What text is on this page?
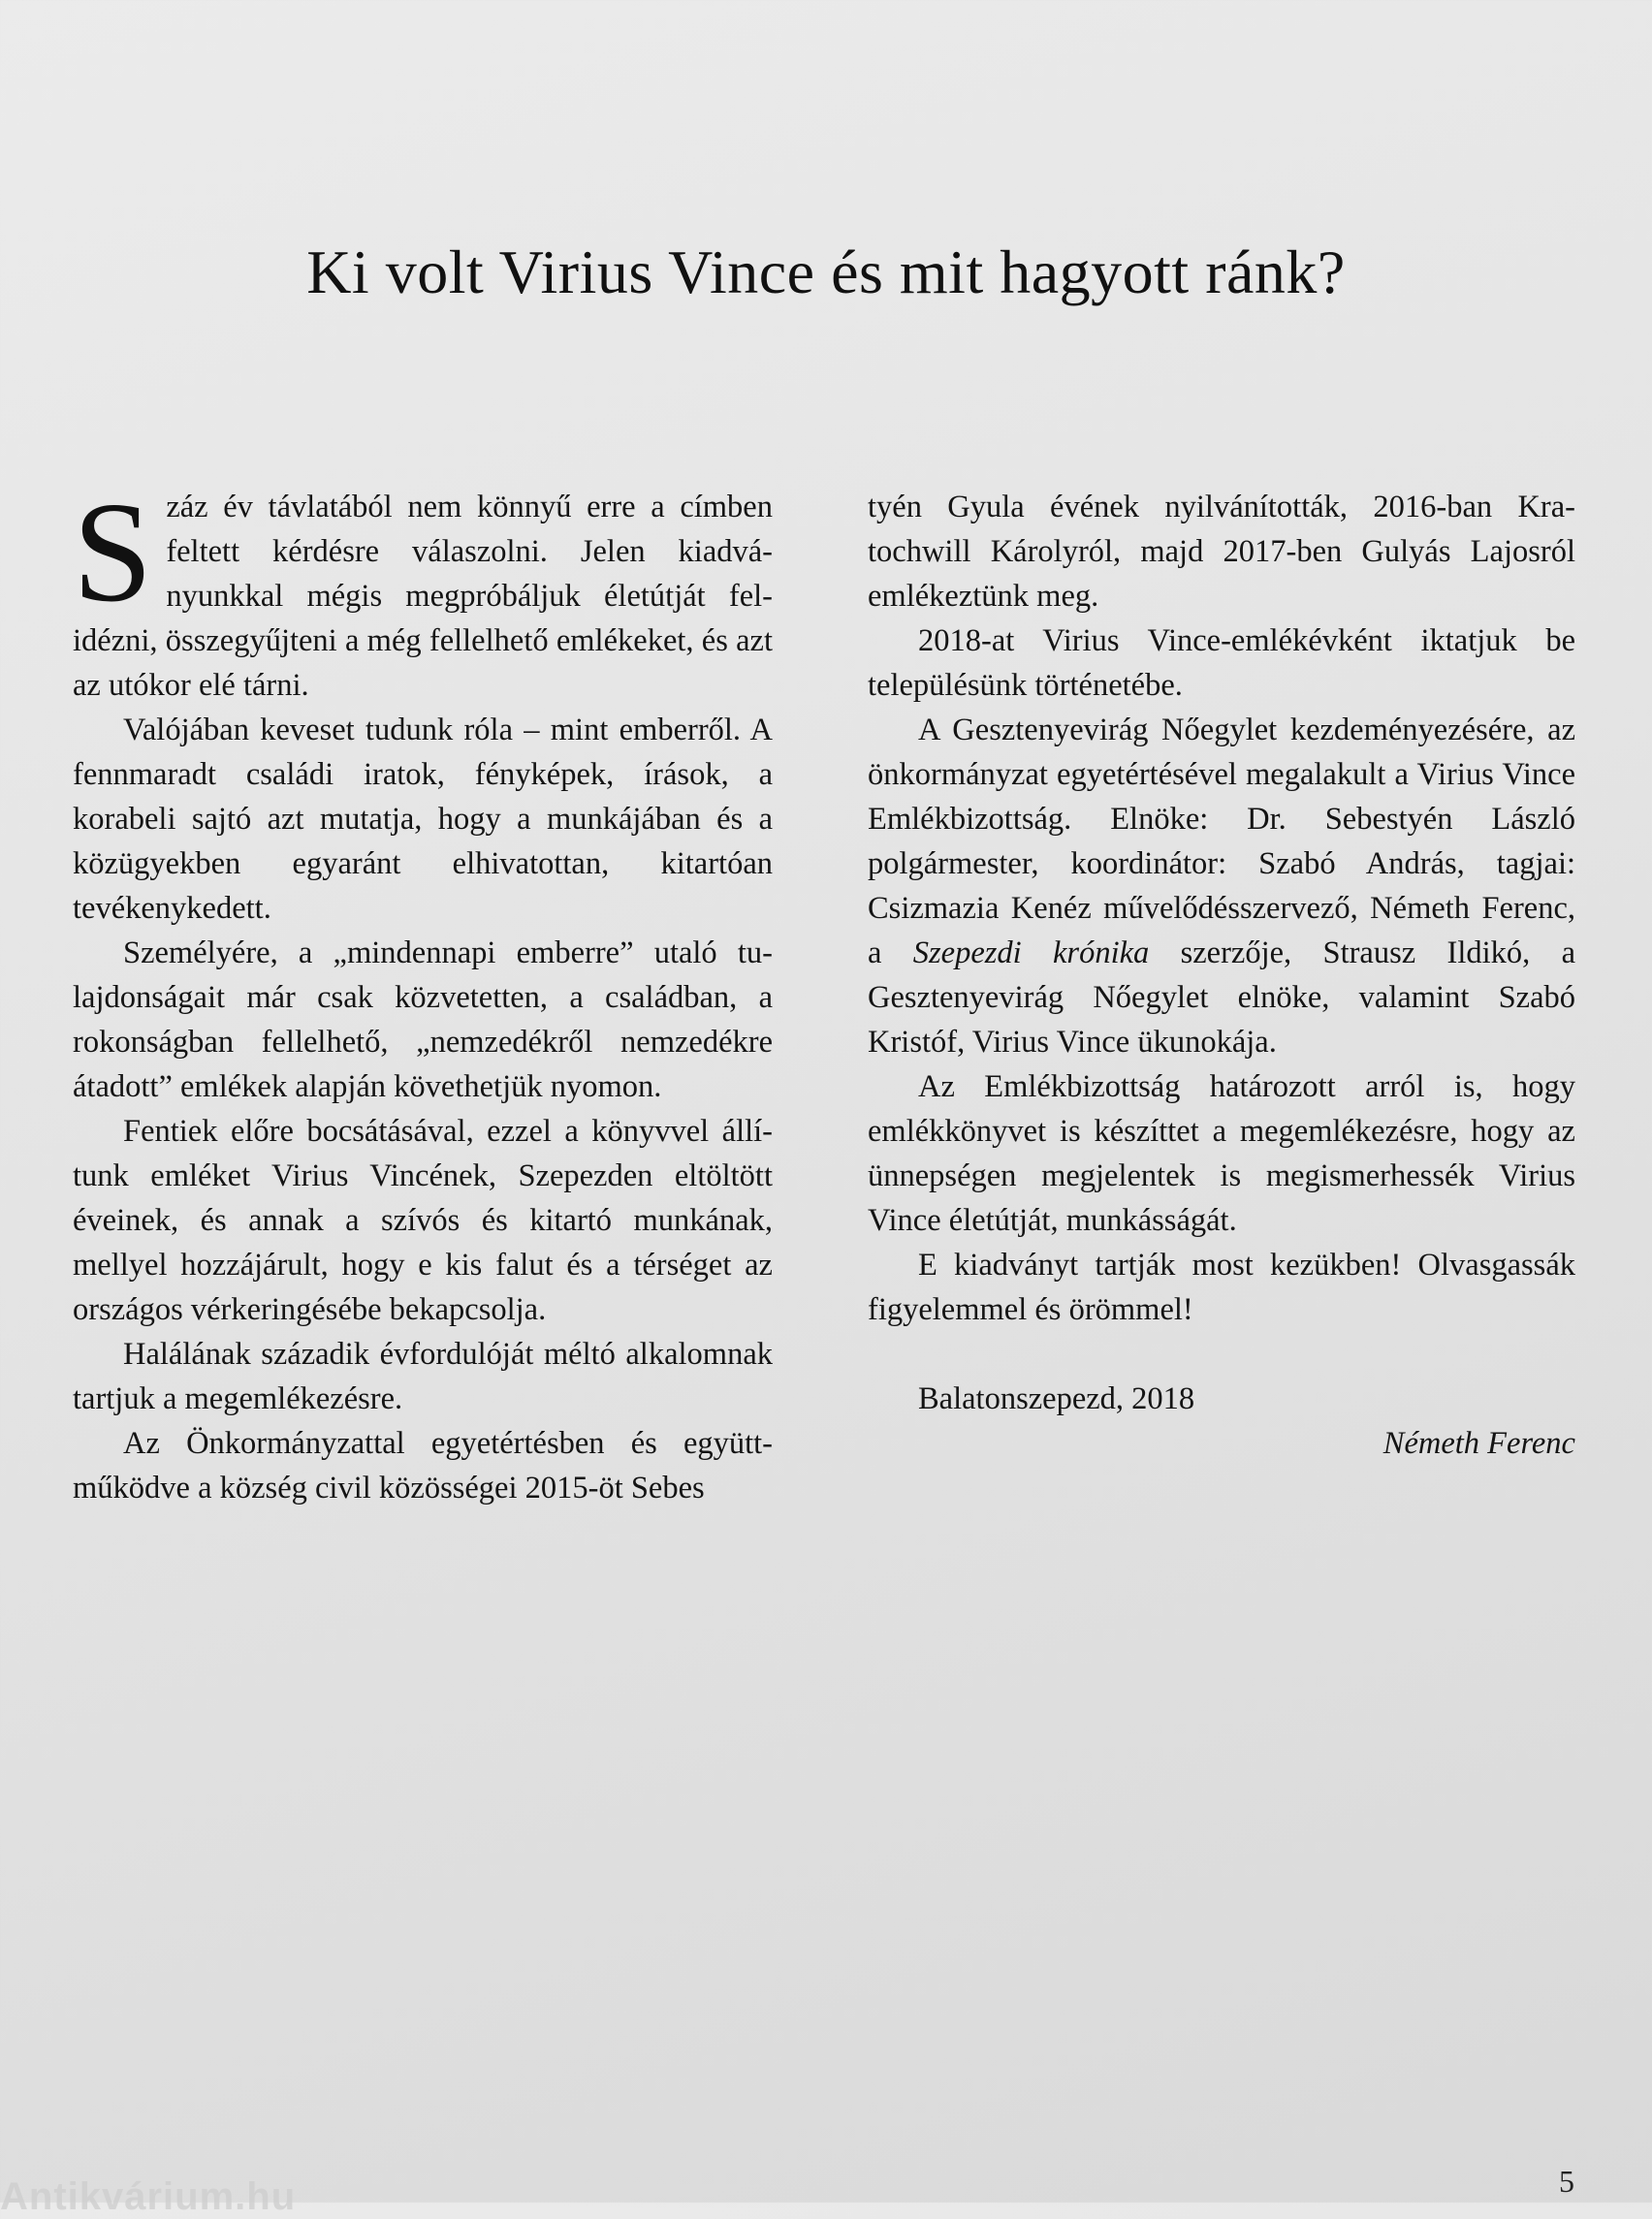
Ki volt Virius Vince és mit hagyott ránk?

Száz év távlatából nem könnyű erre a címben feltett kérdésre válaszolni. Jelen kiadványunkkal mégis megpróbáljuk életútját felidézni, összegyűjteni a még fellelhető emlékeket, és azt az utókor elé tárni.

Valójában keveset tudunk róla – mint emberről. A fennmaradt családi iratok, fényképek, írások, a korabeli sajtó azt mutatja, hogy a munkájában és a közügyekben egyaránt elhivatottan, kitartóan tevékenykedett.

Személyére, a „mindennapi emberre” utaló tulajdonságait már csak közvetetten, a családban, a rokonságban fellelhető, „nemzedékről nemzedékre átadott” emlékek alapján követhetjük nyomon.

Fentiek előre bocsátásával, ezzel a könyvvel állítunk emléket Virius Vincének, Szepezden eltöltött éveinek, és annak a szívós és kitartó munkának, mellyel hozzájárult, hogy e kis falut és a térséget az országos vérkeringésébe bekapcsolja.

Halálának századik évfordulóját méltó alkalomnak tartjuk a megemlékezésre.

Az Önkormányzattal egyetértésben és együttműködve a község civil közösségei 2015-öt Sebes

tyén Gyula évének nyilvánították, 2016-ban Kratochwill Károlyról, majd 2017-ben Gulyás Lajosról emlékeztünk meg.

2018-at Virius Vince-emlékévként iktatjuk be településünk történetébe.

A Gesztenyevirág Nőegylet kezdeményezésére, az önkormányzat egyetértésével megalakult a Virius Vince Emlékbizottság. Elnöke: Dr. Sebestyén László polgármester, koordinátor: Szabó András, tagjai: Csizmazia Kenéz művelődésszervező, Németh Ferenc, a Szepezdi krónika szerzője, Strausz Ildikó, a Gesztenyevirág Nőegylet elnöke, valamint Szabó Kristóf, Virius Vince ükunokája.

Az Emlékbizottság határozott arról is, hogy emlékkönyvet is készíttet a megemlékezésre, hogy az ünnepségen megjelentek is megismerhessék Virius Vince életútját, munkásságát.

E kiadványt tartják most kezükben! Olvasgassák figyelemmel és örömmel!

Balatonszepezd, 2018

Németh Ferenc

5
Antikvárium.hu
